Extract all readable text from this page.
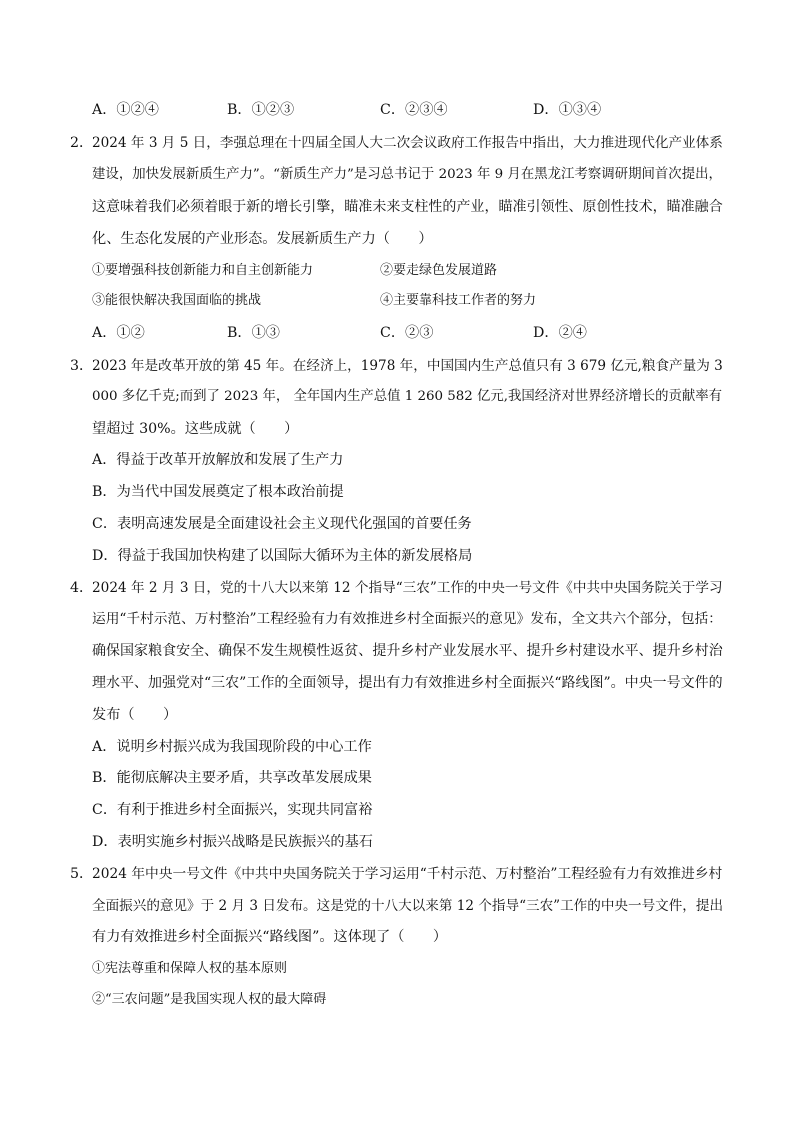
A．①②④	B．①②③	C．②③④	D．①③④
2．
2024 年 3 月 5 日，李强总理在十四届全国人大二次会议政府工作报告中指出，大力推进现代化产业体系
建设，加快发展新质生产力”。“新质生产力”是习总书记于 2023 年 9 月在黑龙江考察调研期间首次提出，
这意味着我们必须着眼于新的增长引擎，瞄准未来支柱性的产业，瞄准引领性、原创性技术，瞄准融合
化、生态化发展的产业形态。发展新质生产力（　　）
①要增强科技创新能力和自主创新能力	②要走绿色发展道路
③能很快解决我国面临的挑战	④主要靠科技工作者的努力
A．①②	B．①③	C．②③	D．②④
3．
2023 年是改革开放的第 45 年。在经济上，1978 年，中国国内生产总值只有 3 679 亿元,粮食产量为 3
000 多亿千克;而到了 2023 年， 全年国内生产总值 1 260 582 亿元,我国经济对世界经济增长的贡献率有
望超过 30%。这些成就（　　）
A．得益于改革开放解放和发展了生产力
B．为当代中国发展奠定了根本政治前提
C．表明高速发展是全面建设社会主义现代化强国的首要任务
D．得益于我国加快构建了以国际大循环为主体的新发展格局
4．
2024 年 2 月 3 日，党的十八大以来第 12 个指导“三农”工作的中央一号文件《中共中央国务院关于学习
运用“千村示范、万村整治”工程经验有力有效推进乡村全面振兴的意见》发布，全文共六个部分，包括：
确保国家粮食安全、确保不发生规模性返贫、提升乡村产业发展水平、提升乡村建设水平、提升乡村治
理水平、加强党对“三农”工作的全面领导，提出有力有效推进乡村全面振兴“路线图”。中央一号文件的
发布（　　）
A．说明乡村振兴成为我国现阶段的中心工作
B．能彻底解决主要矛盾，共享改革发展成果
C．有利于推进乡村全面振兴，实现共同富裕
D．表明实施乡村振兴战略是民族振兴的基石
5．
2024 年中央一号文件《中共中央国务院关于学习运用“千村示范、万村整治”工程经验有力有效推进乡村
全面振兴的意见》于 2 月 3 日发布。这是党的十八大以来第 12 个指导“三农”工作的中央一号文件，提出
有力有效推进乡村全面振兴“路线图”。这体现了（　　）
①宪法尊重和保障人权的基本原则
②“三农问题”是我国实现人权的最大障碍
